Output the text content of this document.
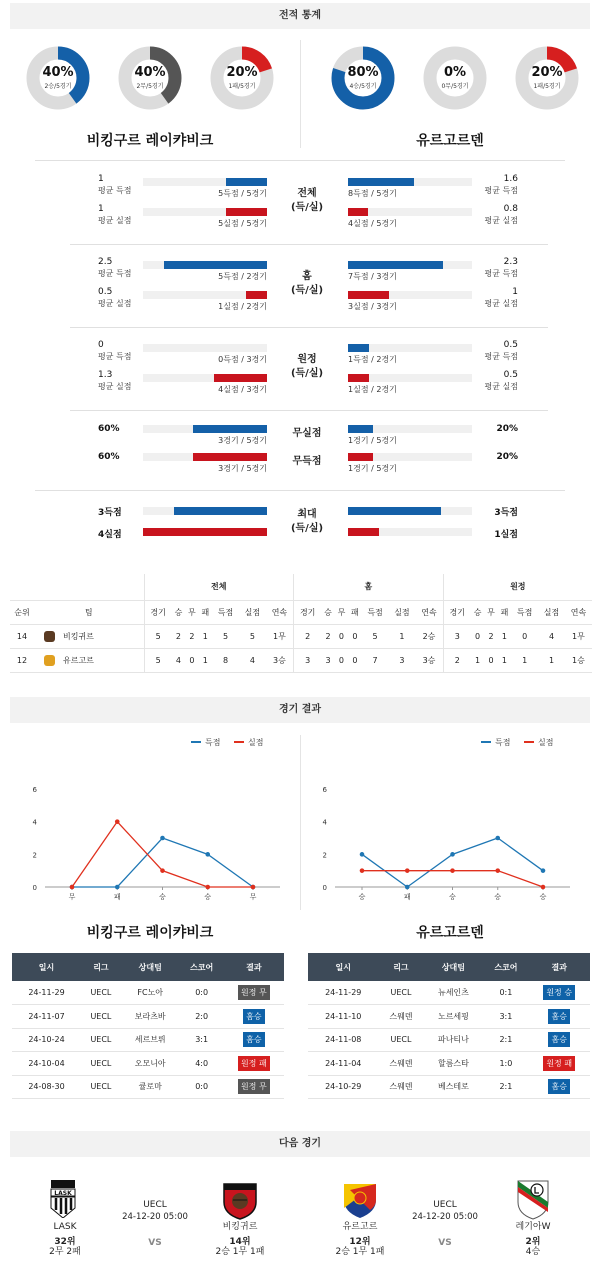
전적 통계
40%
2승/5경기
40%
2무/5경기
20%
1패/5경기
80%
4승/5경기
0%
0무/5경기
20%
1패/5경기
비킹구르 레이캬비크	유르고르덴
1
평균 득점	5득점 / 5경기
1.6
평균 득점
8득점 / 5경기
1
평균 실점	5실점 / 5경기
0.8
평균 실점
4실점 / 5경기
전체
(득/실)
2.5
평균 득점	5득점 / 2경기
2.3
평균 득점
7득점 / 3경기
0.5
평균 실점	1실점 / 2경기
1
평균 실점
3실점 / 3경기
홈
(득/실)
0
평균 득점	0득점 / 3경기
0.5
평균 득점
1득점 / 2경기
1.3
평균 실점	4실점 / 3경기
0.5
평균 실점
1실점 / 2경기
원정
(득/실)
60%
3경기 / 5경기
20%
1경기 / 5경기
무실점
60%
3경기 / 5경기
20%
1경기 / 5경기
무득점
3득점
4실점
3득점
1실점
최대
(득/실)
		전체							홈							원정						
순위	팀	경기	승	무	패	득점	실점	연속	경기	승	무	패	득점	실점	연속	경기	승	무	패	득점	실점	연속
14	비킹귀르	5	2	2	1	5	5	1무	2	2	0	0	5	1	2승	3	0	2	1	0	4	1무
12	유르고르	5	4	0	1	8	4	3승	3	3	0	0	7	3	3승	2	1	0	1	1	1	1승
경기 결과
0
2
4
6
무	패	승	승	무
득점	실점
0
2
4
6
승	패	승	승	승
득점	실점
비킹구르 레이캬비크	유르고르덴
일시	리그	상대팀	스코어	결과
24-11-29	UECL	FC노아	0:0	원정 무
24-11-07	UECL	보라츠바	2:0	홈승
24-10-24	UECL	세르브뤼	3:1	홈승
24-10-04	UECL	오모니아	4:0	원정 패
24-08-30	UECL	큘로마	0:0	원정 무
일시	리그	상대팀	스코어	결과
24-11-29	UECL	뉴세인츠	0:1	원정 승
24-11-10	스웨덴	노르세핑	3:1	홈승
24-11-08	UECL	파나티나	2:1	홈승
24-11-04	스웨덴	할름스타	1:0	원정 패
24-10-29	스웨덴	베스테로	2:1	홈승
다음 경기
LASK
LASK
32위
2무 2패
UECL
24-12-20 05:00
VS
비킹귀르
14위
2승 1무 1패
유르고르
12위
2승 1무 1패
UECL
24-12-20 05:00
VS
레기아W
2위
4승
